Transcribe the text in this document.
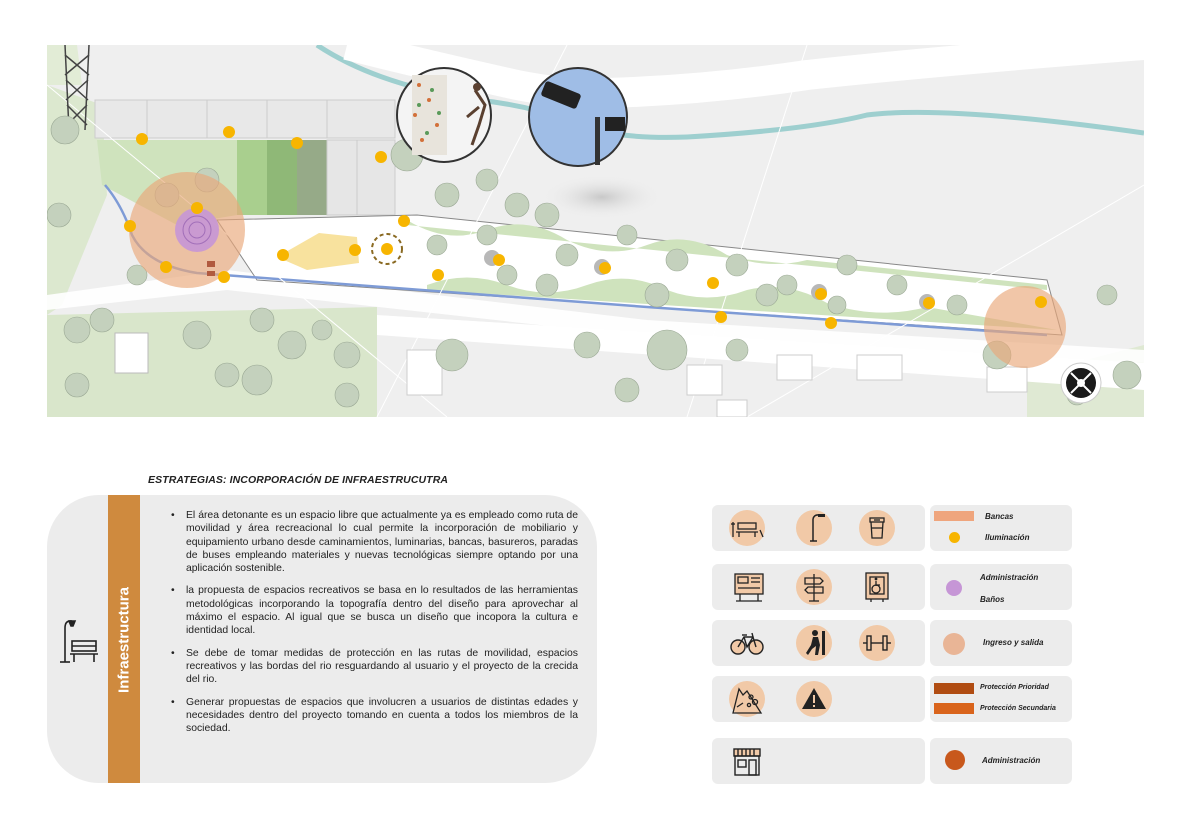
ESTRATEGIAS: INCORPORACIÓN DE INFRAESTRUCUTRA
Infraestructura
• El área detonante es un espacio libre que actualmente ya es empleado como ruta de movilidad y área recreacional lo cual permite la incorporación de mobiliario y equipamiento urbano desde caminamientos, luminarias, bancas, basureros, paradas de buses empleando materiales y nuevas tecnológicas siempre optando por una aplicación sostenible.
• la propuesta de espacios recreativos se basa en lo resultados de las herramientas metodológicas incorporando la topografía dentro del diseño para aprovechar al máximo el espacio. Al igual que se busca un diseño que incopora la cultura e identidad local.
• Se debe de tomar medidas de protección en las rutas de movilidad, espacios recreativos y las bordas del rio resguardando al usuario y el proyecto de la crecida del rio.
• Generar propuestas de espacios que involucren a usuarios de distintas edades y necesidades dentro del proyecto tomando en cuenta a todos los miembros de la sociedad.
Bancas
Iluminación
Administración
Baños
Ingreso y salida
Protección Prioridad
Protección Secundaria
Administración
